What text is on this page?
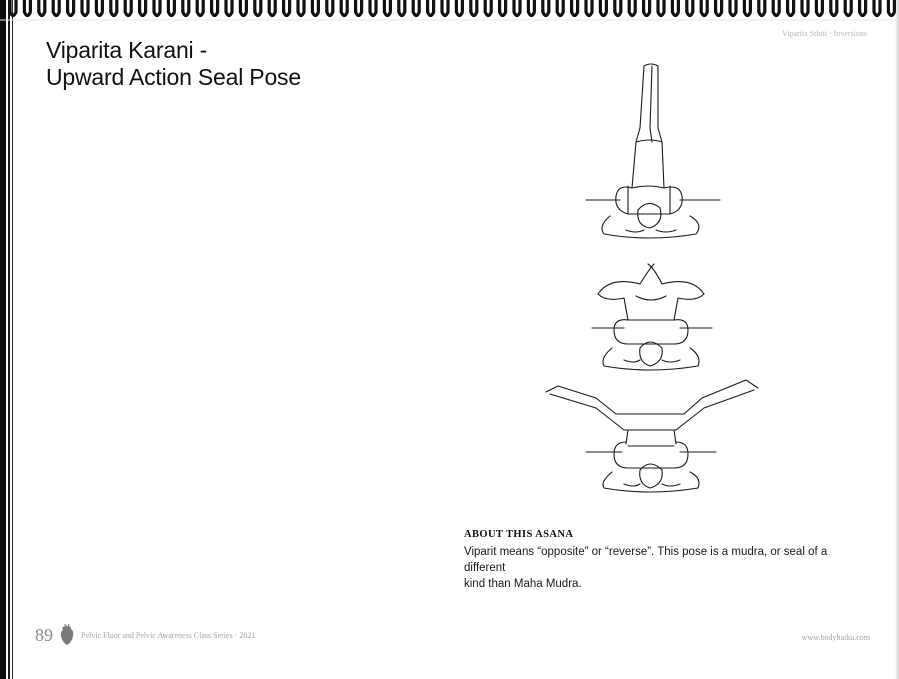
Viparita Karani -
Upward Action Seal Pose
Viparita Sthiti · Inversions
ABOUT THIS ASANA
Viparit means “opposite” or “reverse”. This pose is a mudra, or seal of a different
kind than Maha Mudra.
89	Pelvic Floor and Pelvic Awareness Class Series · 2021	www.bodyhaiku.com
